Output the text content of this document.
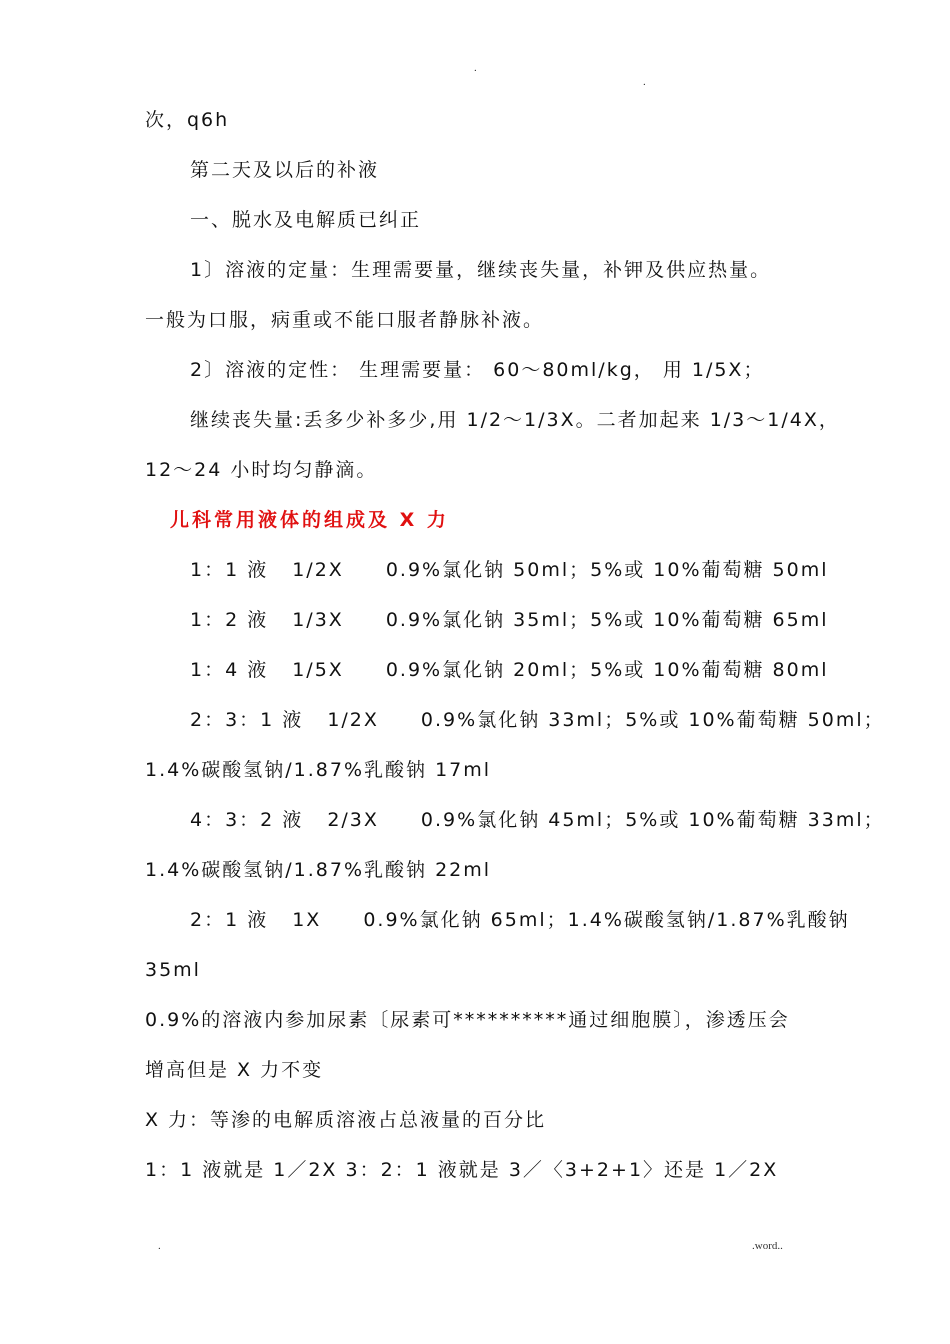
.
.
次，q6h
第二天及以后的补液
一、脱水及电解质已纠正
1〕溶液的定量：生理需要量，继续丧失量，补钾及供应热量。
一般为口服，病重或不能口服者静脉补液。
2〕溶液的定性： 生理需要量： 60～80ml/kg， 用 1/5X；
继续丧失量:丢多少补多少,用 1/2～1/3X。二者加起来 1/3～1/4X，
12～24 小时均匀静滴。
儿科常用液体的组成及 X 力
1：1 液 1/2X 0.9%氯化钠 50ml；5%或 10%葡萄糖 50ml
1：2 液 1/3X 0.9%氯化钠 35ml；5%或 10%葡萄糖 65ml
1：4 液 1/5X 0.9%氯化钠 20ml；5%或 10%葡萄糖 80ml
2：3：1 液 1/2X 0.9%氯化钠 33ml；5%或 10%葡萄糖 50ml；
1.4%碳酸氢钠/1.87%乳酸钠 17ml
4：3：2 液 2/3X 0.9%氯化钠 45ml；5%或 10%葡萄糖 33ml；
1.4%碳酸氢钠/1.87%乳酸钠 22ml
2：1 液 1X 0.9%氯化钠 65ml；1.4%碳酸氢钠/1.87%乳酸钠
35ml
0.9%的溶液内参加尿素〔尿素可**********通过细胞膜〕，渗透压会
增高但是 X 力不变
X 力：等渗的电解质溶液占总液量的百分比
1：1 液就是 1／2X 3：2：1 液就是 3／〈3+2+1〉还是 1／2X
.	.word..
